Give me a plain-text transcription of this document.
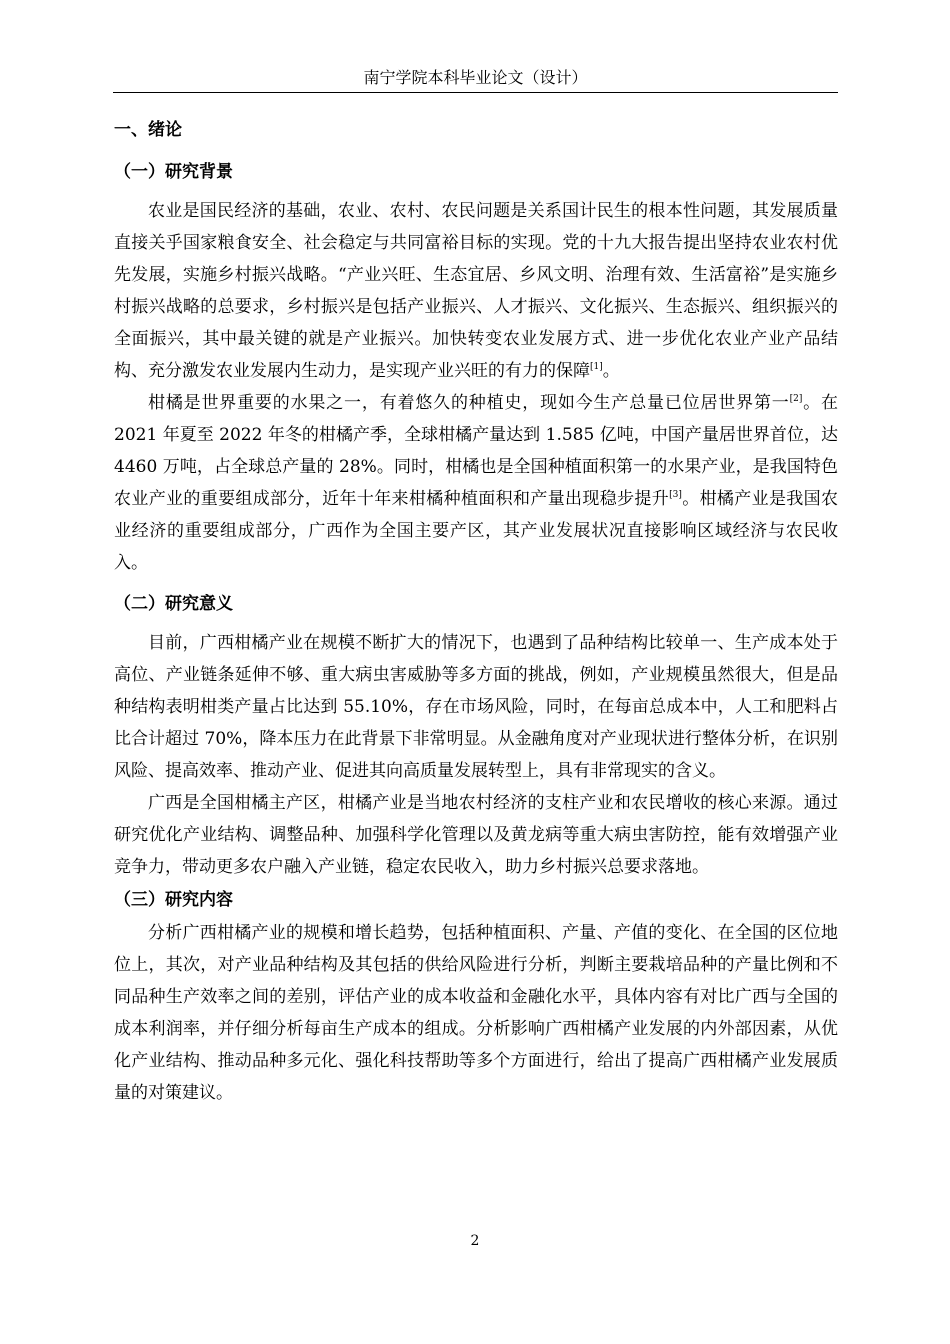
南宁学院本科毕业论文（设计）
一、绪论
（一）研究背景

农业是国民经济的基础，农业、农村、农民问题是关系国计民生的根本性问题，其发展质量直接关乎国家粮食安全、社会稳定与共同富裕目标的实现。党的十九大报告提出坚持农业农村优先发展，实施乡村振兴战略。“产业兴旺、生态宜居、乡风文明、治理有效、生活富裕”是实施乡村振兴战略的总要求，乡村振兴是包括产业振兴、人才振兴、文化振兴、生态振兴、组织振兴的全面振兴，其中最关键的就是产业振兴。加快转变农业发展方式、进一步优化农业产业产品结构、充分激发农业发展内生动力，是实现产业兴旺的有力的保障[1]。

柑橘是世界重要的水果之一，有着悠久的种植史，现如今生产总量已位居世界第一[2]。在 2021 年夏至 2022 年冬的柑橘产季，全球柑橘产量达到 1.585 亿吨，中国产量居世界首位，达 4460 万吨，占全球总产量的 28%。同时，柑橘也是全国种植面积第一的水果产业，是我国特色农业产业的重要组成部分，近年十年来柑橘种植面积和产量出现稳步提升[3]。柑橘产业是我国农业经济的重要组成部分，广西作为全国主要产区，其产业发展状况直接影响区域经济与农民收入。

（二）研究意义

目前，广西柑橘产业在规模不断扩大的情况下，也遇到了品种结构比较单一、生产成本处于高位、产业链条延伸不够、重大病虫害威胁等多方面的挑战，例如，产业规模虽然很大，但是品种结构表明柑类产量占比达到 55.10%，存在市场风险，同时，在每亩总成本中，人工和肥料占比合计超过 70%，降本压力在此背景下非常明显。从金融角度对产业现状进行整体分析，在识别风险、提高效率、推动产业、促进其向高质量发展转型上，具有非常现实的含义。

广西是全国柑橘主产区，柑橘产业是当地农村经济的支柱产业和农民增收的核心来源。通过研究优化产业结构、调整品种、加强科学化管理以及黄龙病等重大病虫害防控，能有效增强产业竞争力，带动更多农户融入产业链，稳定农民收入，助力乡村振兴总要求落地。

（三）研究内容

分析广西柑橘产业的规模和增长趋势，包括种植面积、产量、产值的变化、在全国的区位地位上，其次，对产业品种结构及其包括的供给风险进行分析，判断主要栽培品种的产量比例和不同品种生产效率之间的差别，评估产业的成本收益和金融化水平，具体内容有对比广西与全国的成本利润率，并仔细分析每亩生产成本的组成。分析影响广西柑橘产业发展的内外部因素，从优化产业结构、推动品种多元化、强化科技帮助等多个方面进行，给出了提高广西柑橘产业发展质量的对策建议。

2
